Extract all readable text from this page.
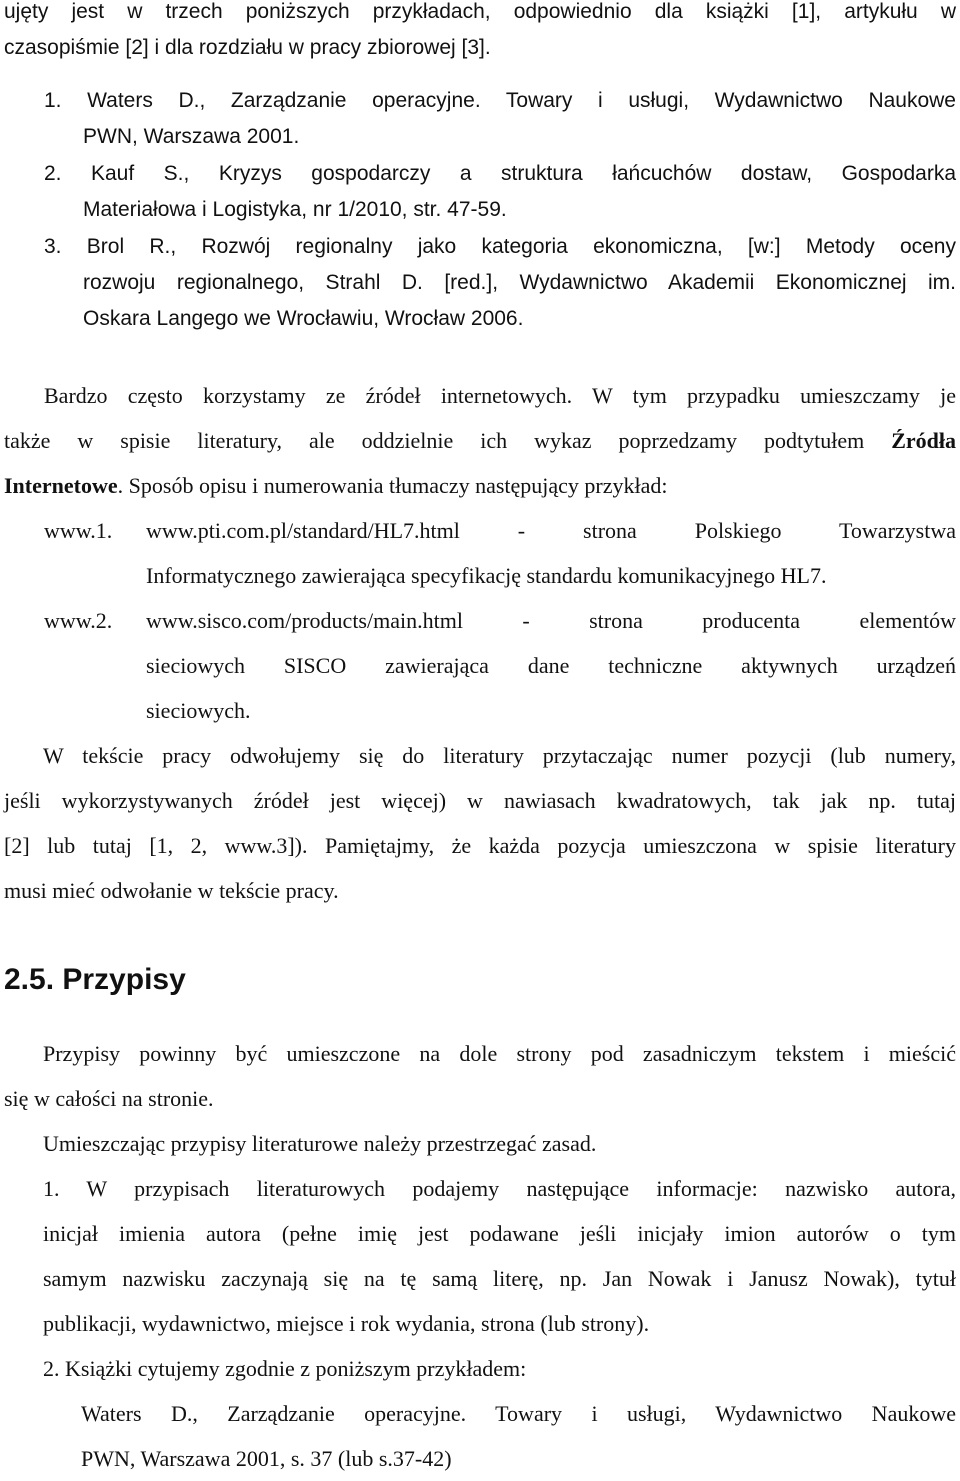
ujęty jest w trzech poniższych przykładach, odpowiednio dla książki [1], artykułu w
czasopiśmie [2] i dla rozdziału w pracy zbiorowej [3].

1. Waters D., Zarządzanie operacyjne. Towary i usługi, Wydawnictwo Naukowe
PWN, Warszawa 2001.

2. Kauf S., Kryzys gospodarczy a struktura łańcuchów dostaw, Gospodarka
Materiałowa i Logistyka, nr 1/2010, str. 47-59.

3. Brol R., Rozwój regionalny jako kategoria ekonomiczna, [w:] Metody oceny
rozwoju regionalnego, Strahl D. [red.], Wydawnictwo Akademii Ekonomicznej im.
Oskara Langego we Wrocławiu, Wrocław 2006.

Bardzo często korzystamy ze źródeł internetowych. W tym przypadku umieszczamy je
także w spisie literatury, ale oddzielnie ich wykaz poprzedzamy podtytułem Źródła
Internetowe. Sposób opisu i numerowania tłumaczy następujący przykład:

www.1. www.pti.com.pl/standard/HL7.html - strona Polskiego Towarzystwa
Informatycznego zawierająca specyfikację standardu komunikacyjnego HL7.

www.2. www.sisco.com/products/main.html - strona producenta elementów
sieciowych SISCO zawierająca dane techniczne aktywnych urządzeń
sieciowych.

W tekście pracy odwołujemy się do literatury przytaczając numer pozycji (lub numery,
jeśli wykorzystywanych źródeł jest więcej) w nawiasach kwadratowych, tak jak np. tutaj
[2] lub tutaj [1, 2, www.3]). Pamiętajmy, że każda pozycja umieszczona w spisie literatury
musi mieć odwołanie w tekście pracy.

2.5. Przypisy

Przypisy powinny być umieszczone na dole strony pod zasadniczym tekstem i mieścić
się w całości na stronie.

Umieszczając przypisy literaturowe należy przestrzegać zasad.

1. W przypisach literaturowych podajemy następujące informacje: nazwisko autora,
inicjał imienia autora (pełne imię jest podawane jeśli inicjały imion autorów o tym
samym nazwisku zaczynają się na tę samą literę, np. Jan Nowak i Janusz Nowak), tytuł
publikacji, wydawnictwo, miejsce i rok wydania, strona (lub strony).

2. Książki cytujemy zgodnie z poniższym przykładem:

Waters D., Zarządzanie operacyjne. Towary i usługi, Wydawnictwo Naukowe
PWN, Warszawa 2001, s. 37 (lub s.37-42)
